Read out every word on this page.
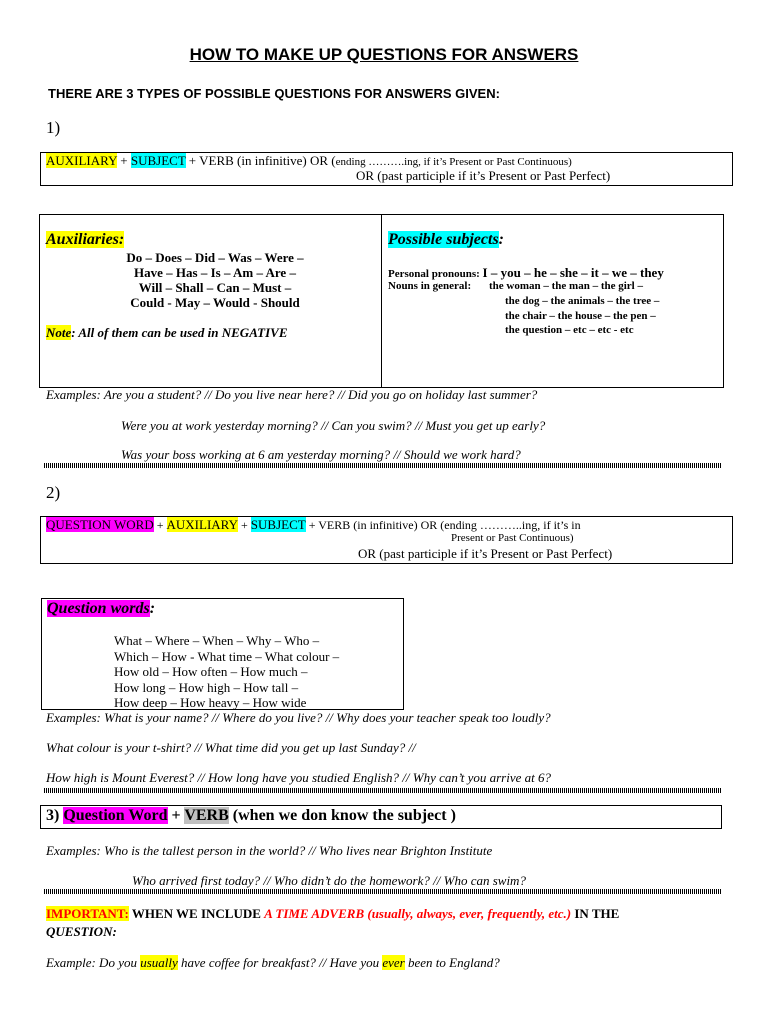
HOW TO MAKE UP QUESTIONS FOR ANSWERS
THERE ARE 3 TYPES OF POSSIBLE QUESTIONS FOR ANSWERS GIVEN:
1)
AUXILIARY + SUBJECT + VERB (in infinitive) OR (ending ……….ing, if it’s Present or Past Continuous)
OR (past participle if it’s Present or Past Perfect)
Auxiliaries:
Do – Does – Did – Was – Were –
Have – Has – Is – Am – Are –
Will – Shall – Can – Must –
Could - May – Would - Should
Note: All of them can be used in NEGATIVE
Possible subjects:
Personal pronouns: I – you – he – she – it – we – they
Nouns in general: the woman – the man – the girl –
the dog – the animals – the tree –
the chair – the house – the pen –
the question – etc – etc - etc
Examples: Are you a student? // Do you live near here? // Did you go on holiday last summer?
Were you at work yesterday morning? // Can you swim? // Must you get up early?
Was your boss working at 6 am yesterday morning? // Should we work hard?
2)
QUESTION WORD + AUXILIARY + SUBJECT + VERB (in infinitive) OR (ending ………..ing, if it’s in
Present or Past Continuous)
OR (past participle if it’s Present or Past Perfect)
Question words:
What – Where – When – Why – Who –
Which – How - What time – What colour –
How old – How often – How much –
How long – How high – How tall –
How deep – How heavy – How wide
Examples: What is your name? // Where do you live? // Why does your teacher speak too loudly?
What colour is your t-shirt? // What time did you get up last Sunday? //
How high is Mount Everest? // How long have you studied English? // Why can’t you arrive at 6?
3) Question Word + VERB (when we don know the subject )
Examples: Who is the tallest person in the world? // Who lives near Brighton Institute
Who arrived first today? // Who didn’t do the homework? // Who can swim?
IMPORTANT: WHEN WE INCLUDE A TIME ADVERB (usually, always, ever, frequently, etc.) IN THE
QUESTION:
Example: Do you usually have coffee for breakfast? // Have you ever been to England?
